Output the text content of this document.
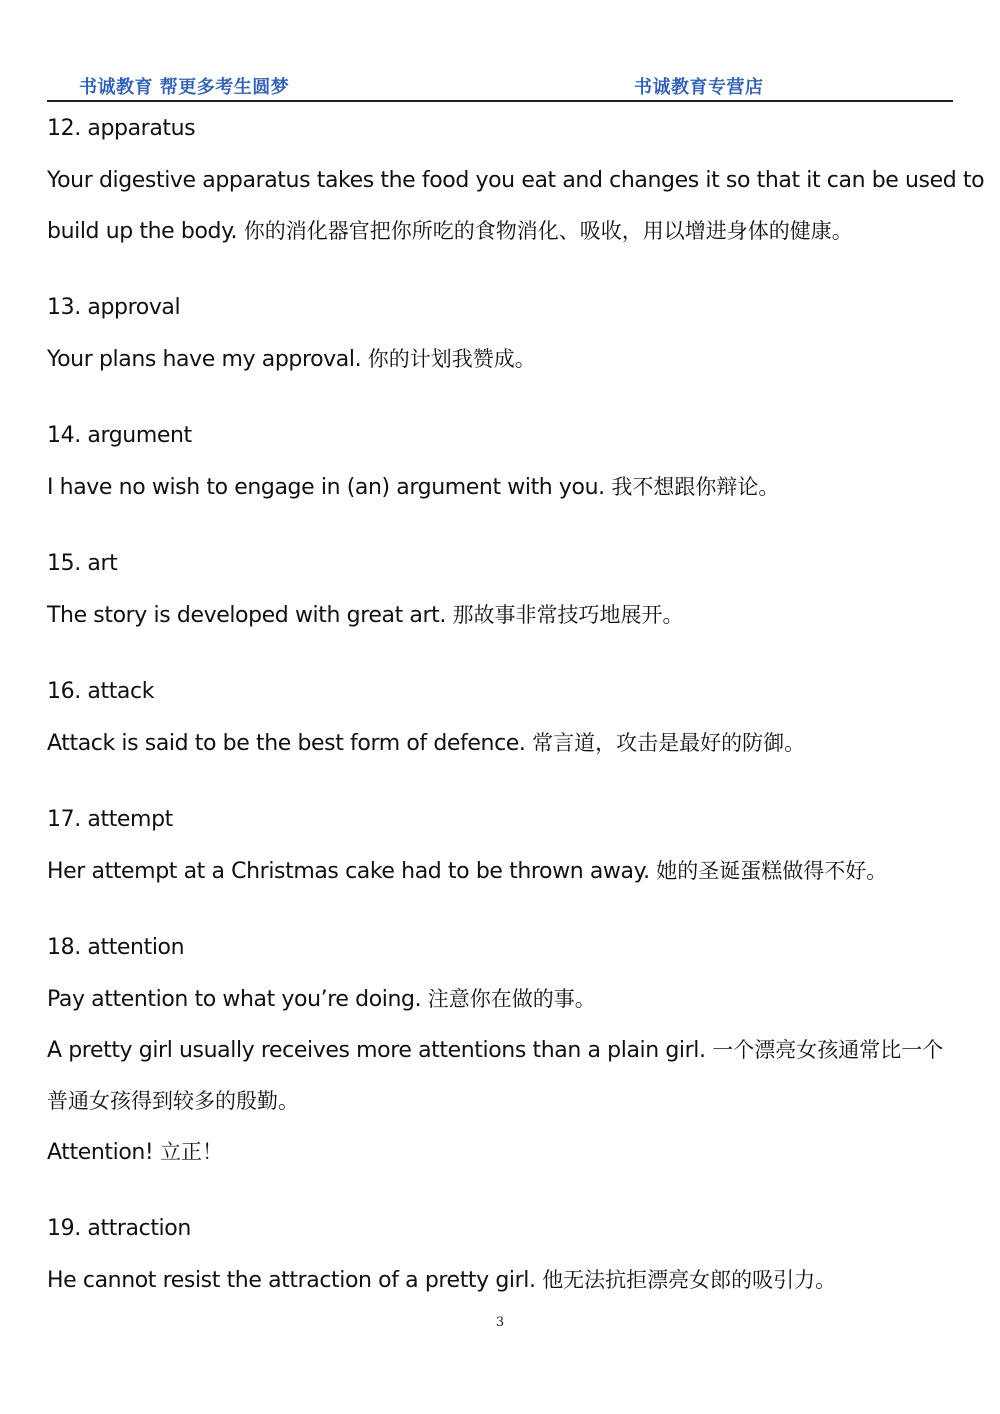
书诚教育 帮更多考生圆梦	书诚教育专营店
12. apparatus
Your digestive apparatus takes the food you eat and changes it so that it can be used to
build up the body. 你的消化器官把你所吃的食物消化、吸收，用以增进身体的健康。
13. approval
Your plans have my approval. 你的计划我赞成。
14. argument
I have no wish to engage in (an) argument with you. 我不想跟你辩论。
15. art
The story is developed with great art. 那故事非常技巧地展开。
16. attack
Attack is said to be the best form of defence. 常言道，攻击是最好的防御。
17. attempt
Her attempt at a Christmas cake had to be thrown away. 她的圣诞蛋糕做得不好。
18. attention
Pay attention to what you’re doing. 注意你在做的事。
A pretty girl usually receives more attentions than a plain girl. 一个漂亮女孩通常比一个
普通女孩得到较多的殷勤。
Attention! 立正！
19. attraction
He cannot resist the attraction of a pretty girl. 他无法抗拒漂亮女郎的吸引力。
3
